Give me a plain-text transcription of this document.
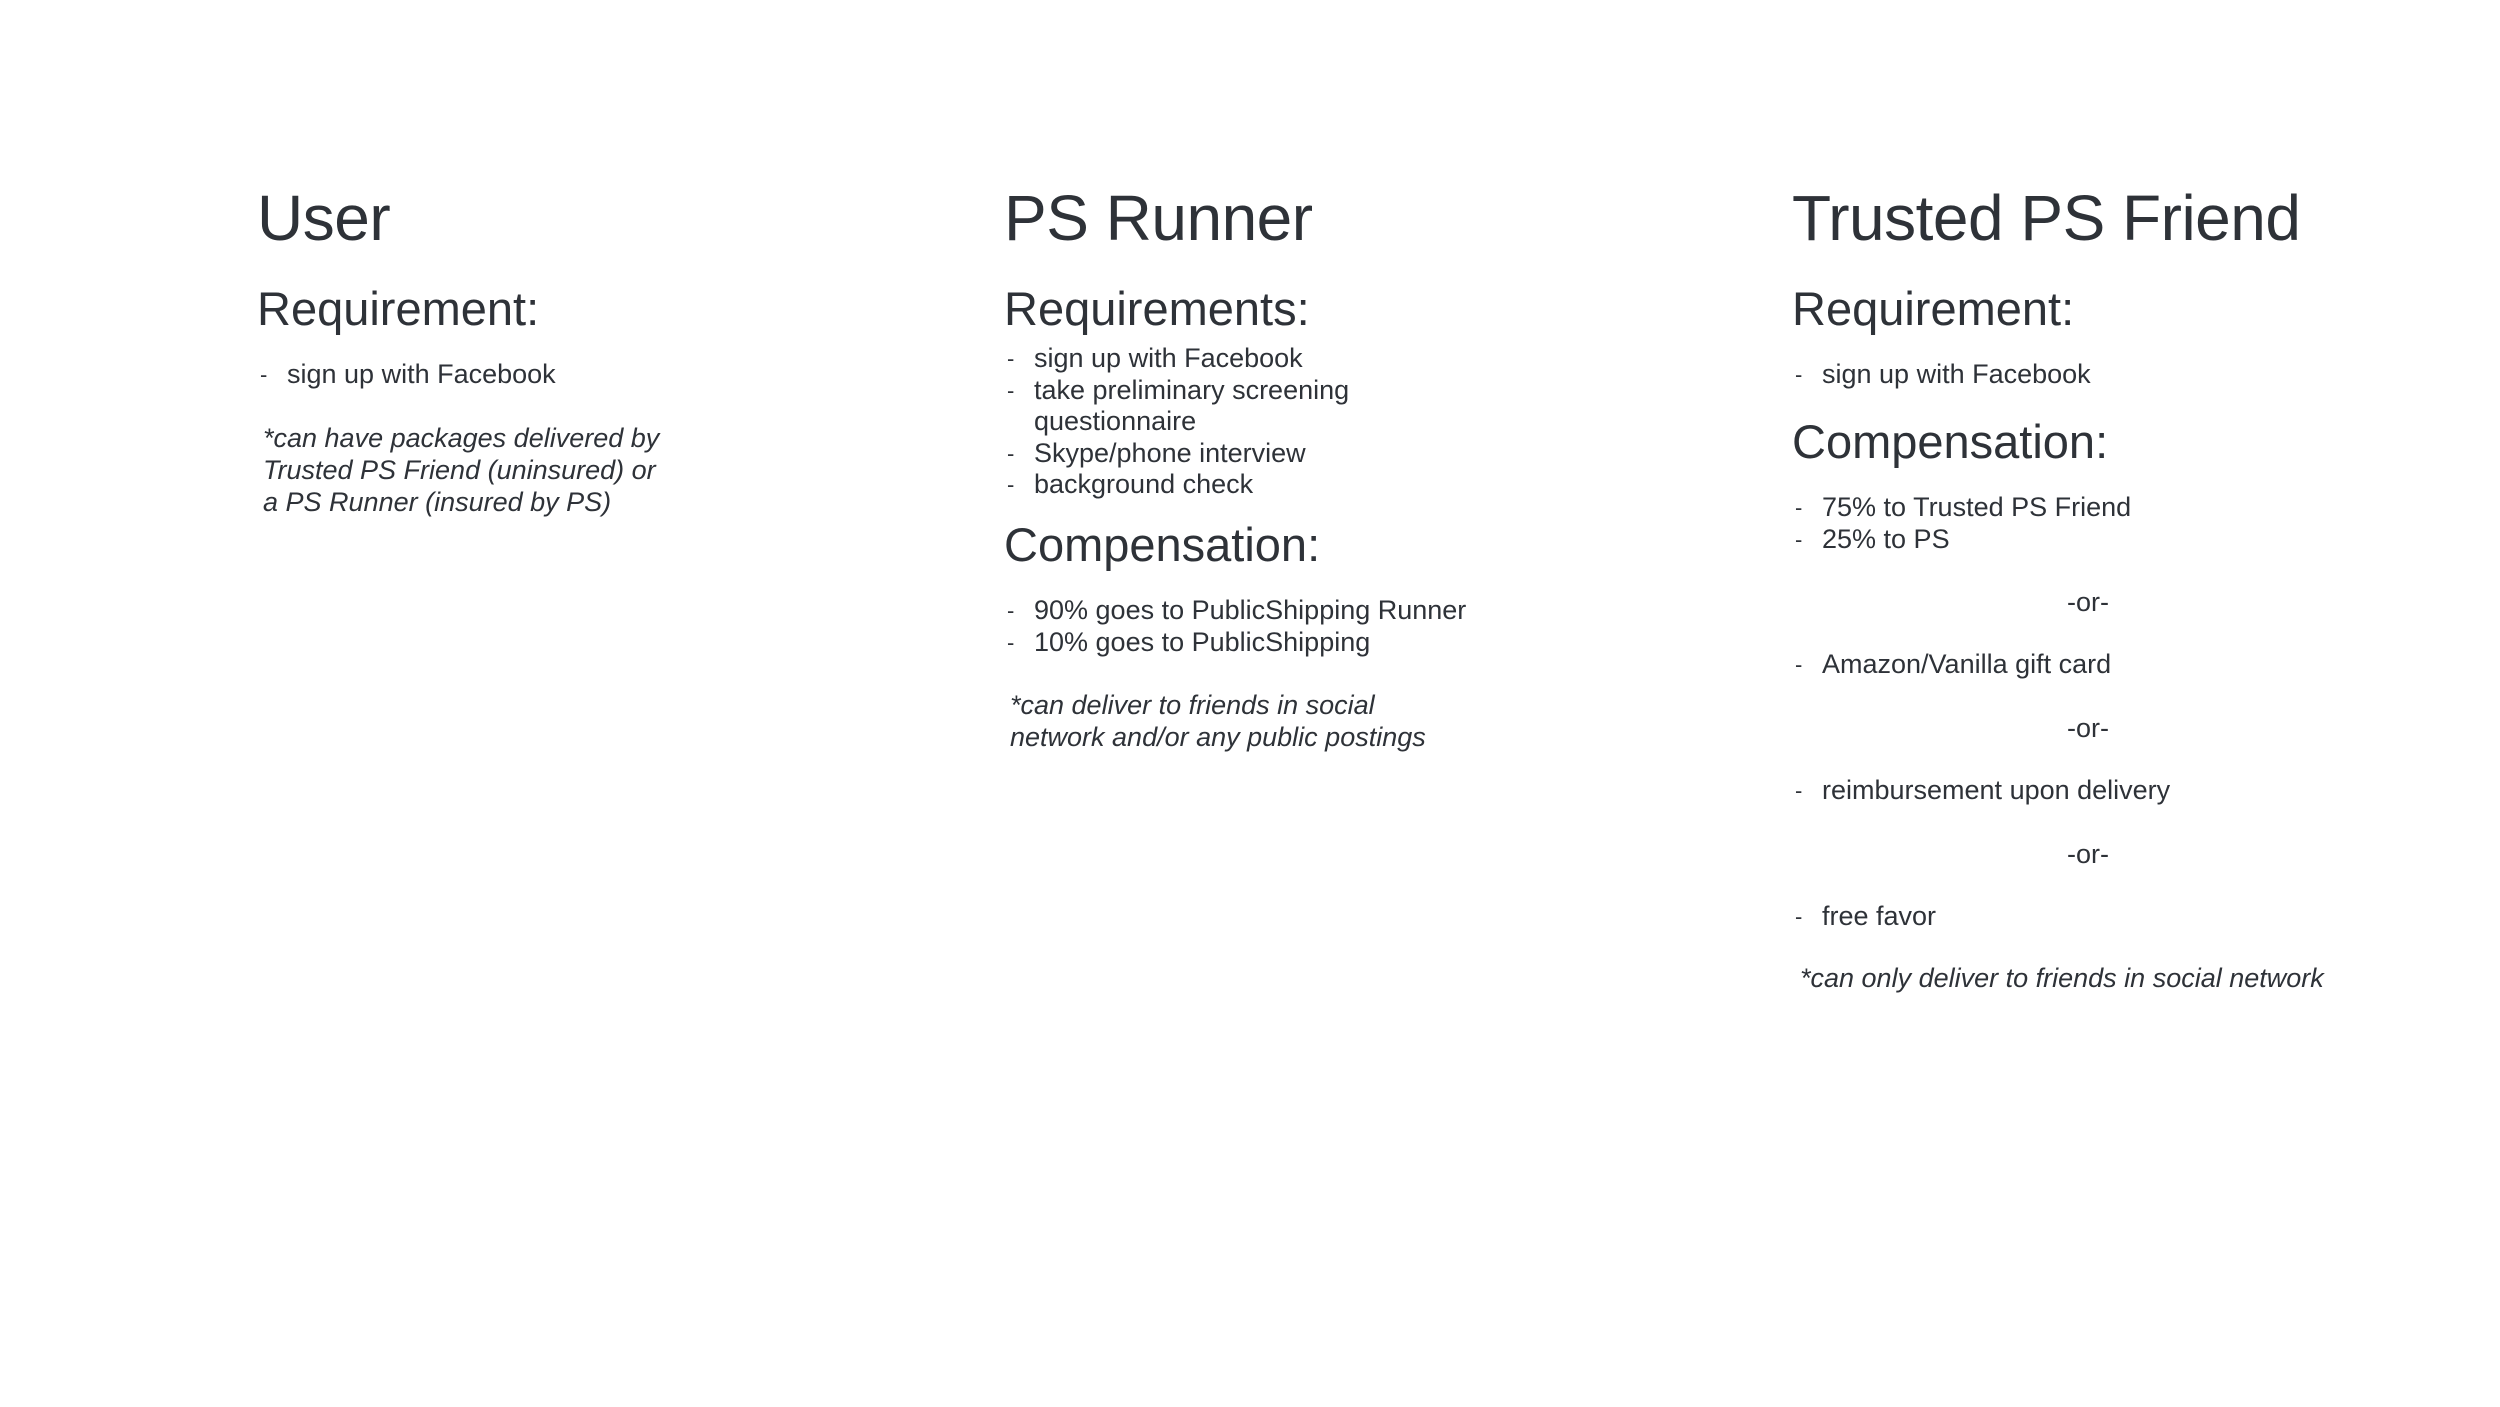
User
Requirement:
- sign up with Facebook

*can have packages delivered by
Trusted PS Friend (uninsured) or
a PS Runner (insured by PS)

PS Runner
Requirements:
- sign up with Facebook
- take preliminary screening
questionnaire
- Skype/phone interview
- background check
Compensation:
- 90% goes to PublicShipping Runner
- 10% goes to PublicShipping

*can deliver to friends in social
network and/or any public postings

Trusted PS Friend
Requirement:
- sign up with Facebook
Compensation:
- 75% to Trusted PS Friend
- 25% to PS
-or-
- Amazon/Vanilla gift card
-or-
- reimbursement upon delivery
-or-
- free favor

*can only deliver to friends in social network
